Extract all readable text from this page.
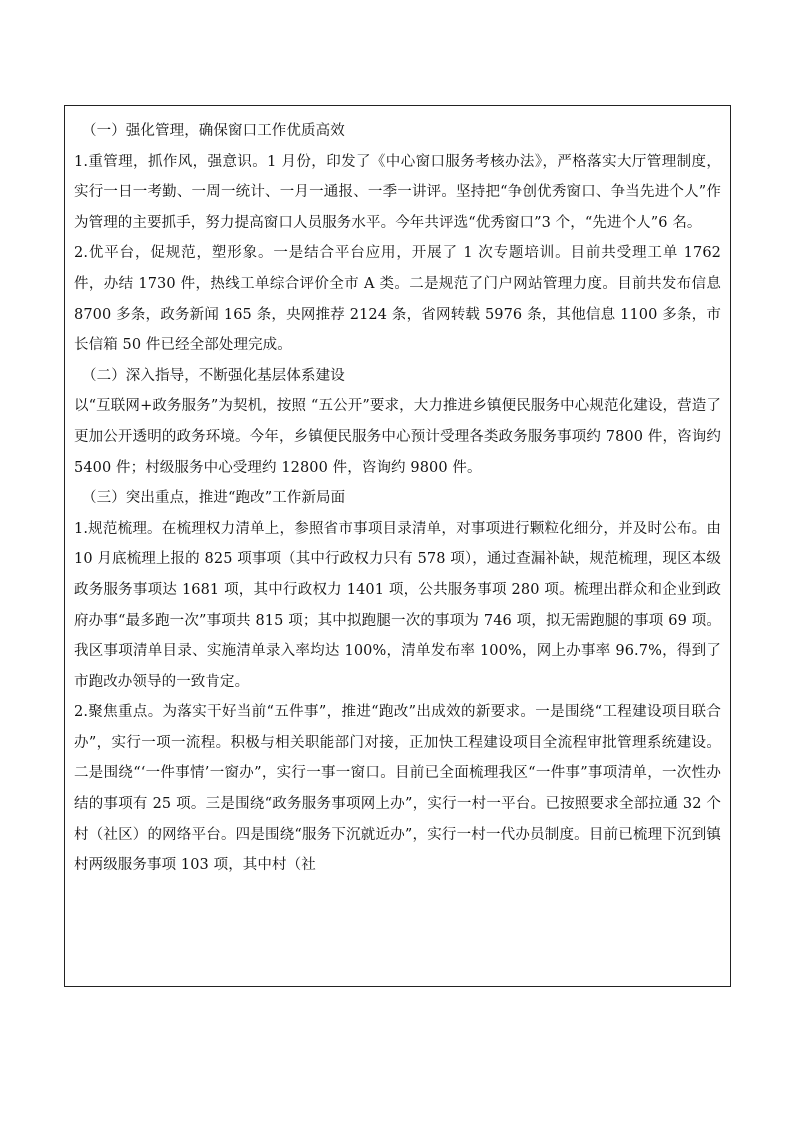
（一）强化管理，确保窗口工作优质高效

1.重管理，抓作风，强意识。1 月份，印发了《中心窗口服务考核办法》，严格落实大厅管理制度，实行一日一考勤、一周一统计、一月一通报、一季一讲评。坚持把“争创优秀窗口、争当先进个人”作为管理的主要抓手，努力提高窗口人员服务水平。今年共评选“优秀窗口”3 个，“先进个人”6 名。

2.优平台，促规范，塑形象。一是结合平台应用，开展了 1 次专题培训。目前共受理工单 1762 件，办结 1730 件，热线工单综合评价全市 A 类。二是规范了门户网站管理力度。目前共发布信息 8700 多条，政务新闻 165 条，央网推荐 2124 条，省网转载 5976 条，其他信息 1100 多条，市长信箱 50 件已经全部处理完成。

（二）深入指导，不断强化基层体系建设

以“互联网+政务服务”为契机，按照 “五公开”要求，大力推进乡镇便民服务中心规范化建设，营造了更加公开透明的政务环境。今年，乡镇便民服务中心预计受理各类政务服务事项约 7800 件，咨询约 5400 件；村级服务中心受理约 12800 件，咨询约 9800 件。

（三）突出重点，推进“跑改”工作新局面

1.规范梳理。在梳理权力清单上，参照省市事项目录清单，对事项进行颗粒化细分，并及时公布。由 10 月底梳理上报的 825 项事项（其中行政权力只有 578 项），通过查漏补缺，规范梳理，现区本级政务服务事项达 1681 项，其中行政权力 1401 项，公共服务事项 280 项。梳理出群众和企业到政府办事“最多跑一次”事项共 815 项；其中拟跑腿一次的事项为 746 项，拟无需跑腿的事项 69 项。我区事项清单目录、实施清单录入率均达 100%，清单发布率 100%，网上办事率 96.7%，得到了市跑改办领导的一致肯定。

2.聚焦重点。为落实干好当前“五件事”，推进“跑改”出成效的新要求。一是围绕“工程建设项目联合办”，实行一项一流程。积极与相关职能部门对接，正加快工程建设项目全流程审批管理系统建设。二是围绕“‘一件事情’一窗办”，实行一事一窗口。目前已全面梳理我区“一件事”事项清单，一次性办结的事项有 25 项。三是围绕“政务服务事项网上办”，实行一村一平台。已按照要求全部拉通 32 个村（社区）的网络平台。四是围绕“服务下沉就近办”，实行一村一代办员制度。目前已梳理下沉到镇村两级服务事项 103 项，其中村（社
